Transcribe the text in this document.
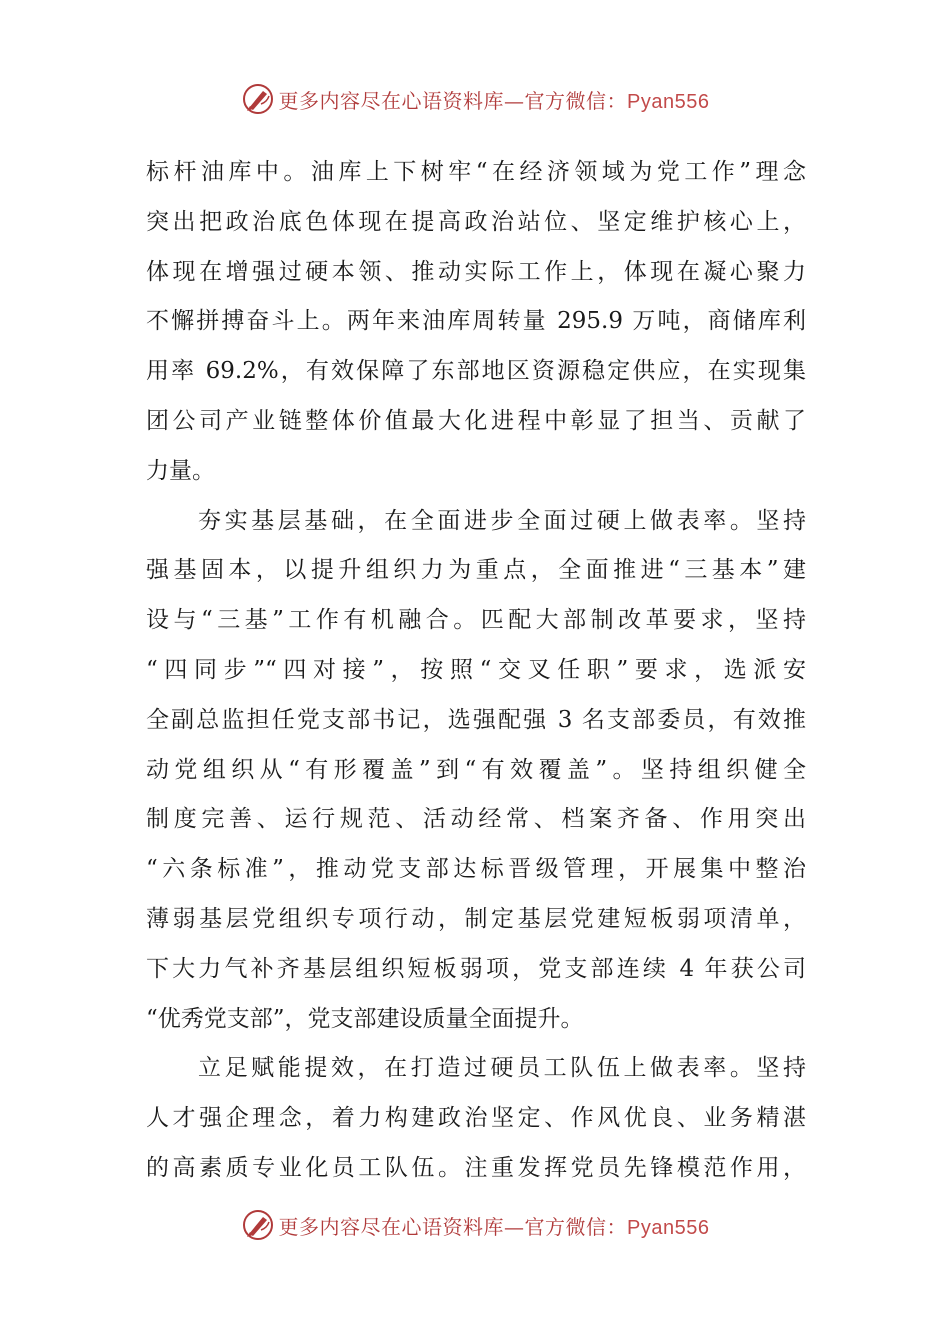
更多内容尽在心语资料库—官方微信：Pyan556
标杆油库中。油库上下树牢“在经济领域为党工作”理念
突出把政治底色体现在提高政治站位、坚定维护核心上，
体现在增强过硬本领、推动实际工作上，体现在凝心聚力
不懈拼搏奋斗上。两年来油库周转量 295.9 万吨，商储库利
用率 69.2%，有效保障了东部地区资源稳定供应，在实现集
团公司产业链整体价值最大化进程中彰显了担当、贡献了
力量。
夯实基层基础，在全面进步全面过硬上做表率。坚持
强基固本，以提升组织力为重点，全面推进“三基本”建
设与“三基”工作有机融合。匹配大部制改革要求，坚持
“四同步”“四对接”，按照“交叉任职”要求，选派安
全副总监担任党支部书记，选强配强 3 名支部委员，有效推
动党组织从“有形覆盖”到“有效覆盖”。坚持组织健全
制度完善、运行规范、活动经常、档案齐备、作用突出
“六条标准”，推动党支部达标晋级管理，开展集中整治
薄弱基层党组织专项行动，制定基层党建短板弱项清单，
下大力气补齐基层组织短板弱项，党支部连续 4 年获公司
“优秀党支部”，党支部建设质量全面提升。
立足赋能提效，在打造过硬员工队伍上做表率。坚持
人才强企理念，着力构建政治坚定、作风优良、业务精湛
的高素质专业化员工队伍。注重发挥党员先锋模范作用，
更多内容尽在心语资料库—官方微信：Pyan556
